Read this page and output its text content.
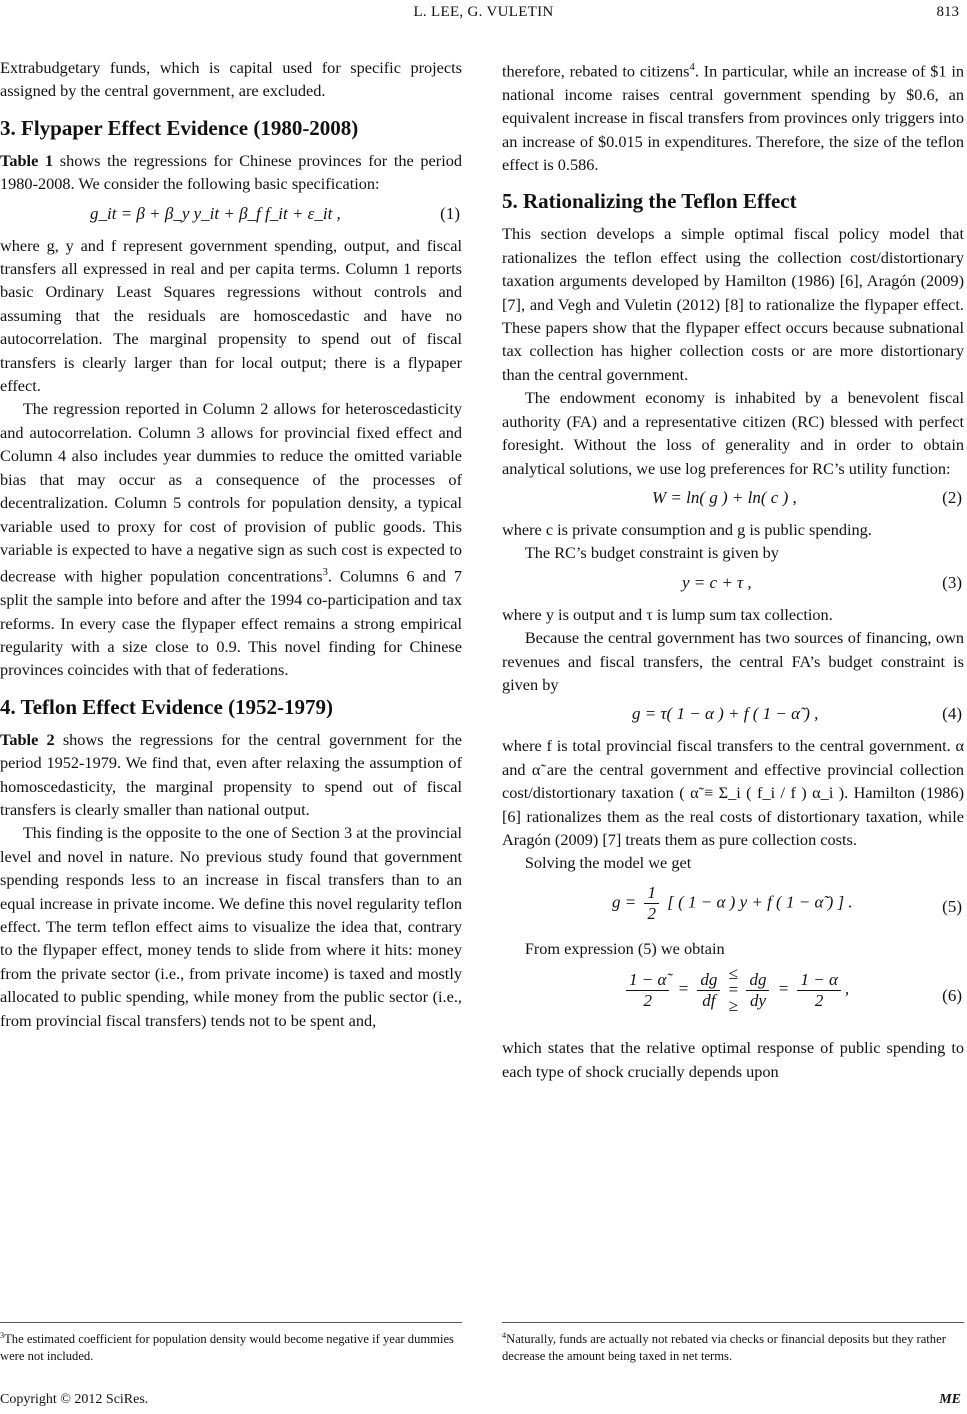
L. LEE, G. VULETIN	813

Extrabudgetary funds, which is capital used for specific projects assigned by the central government, are excluded.

3. Flypaper Effect Evidence (1980-2008)

Table 1 shows the regressions for Chinese provinces for the period 1980-2008. We consider the following basic specification:

g_it = β + β_y y_it + β_f f_it + ε_it ,	(1)

where g, y and f represent government spending, output, and fiscal transfers all expressed in real and per capita terms. Column 1 reports basic Ordinary Least Squares regressions without controls and assuming that the residuals are homoscedastic and have no autocorrelation. The marginal propensity to spend out of fiscal transfers is clearly larger than for local output; there is a flypaper effect.

The regression reported in Column 2 allows for heteroscedasticity and autocorrelation. Column 3 allows for provincial fixed effect and Column 4 also includes year dummies to reduce the omitted variable bias that may occur as a consequence of the processes of decentralization. Column 5 controls for population density, a typical variable used to proxy for cost of provision of public goods. This variable is expected to have a negative sign as such cost is expected to decrease with higher population concentrations$^3$. Columns 6 and 7 split the sample into before and after the 1994 co-participation and tax reforms. In every case the flypaper effect remains a strong empirical regularity with a size close to 0.9. This novel finding for Chinese provinces coincides with that of federations.

4. Teflon Effect Evidence (1952-1979)

Table 2 shows the regressions for the central government for the period 1952-1979. We find that, even after relaxing the assumption of homoscedasticity, the marginal propensity to spend out of fiscal transfers is clearly smaller than national output.

This finding is the opposite to the one of Section 3 at the provincial level and novel in nature. No previous study found that government spending responds less to an increase in fiscal transfers than to an equal increase in private income. We define this novel regularity teflon effect. The term teflon effect aims to visualize the idea that, contrary to the flypaper effect, money tends to slide from where it hits: money from the private sector (i.e., from private income) is taxed and mostly allocated to public spending, while money from the public sector (i.e., from provincial fiscal transfers) tends not to be spent and,

therefore, rebated to citizens$^4$. In particular, while an increase of $1 in national income raises central government spending by $0.6, an equivalent increase in fiscal transfers from provinces only triggers into an increase of $0.015 in expenditures. Therefore, the size of the teflon effect is 0.586.

5. Rationalizing the Teflon Effect

This section develops a simple optimal fiscal policy model that rationalizes the teflon effect using the collection cost/distortionary taxation arguments developed by Hamilton (1986) [6], Aragón (2009) [7], and Vegh and Vuletin (2012) [8] to rationalize the flypaper effect. These papers show that the flypaper effect occurs because subnational tax collection has higher collection costs or are more distortionary than the central government.

The endowment economy is inhabited by a benevolent fiscal authority (FA) and a representative citizen (RC) blessed with perfect foresight. Without the loss of generality and in order to obtain analytical solutions, we use log preferences for RC’s utility function:

W = ln( g ) + ln( c ) ,	(2)

where c is private consumption and g is public spending.

The RC’s budget constraint is given by

y = c + τ ,	(3)

where y is output and τ is lump sum tax collection.

Because the central government has two sources of financing, own revenues and fiscal transfers, the central FA’s budget constraint is given by

g = τ( 1 − α ) + f ( 1 − α̃ ) ,	(4)

where f is total provincial fiscal transfers to the central government. α and α̃ are the central government and effective provincial collection cost/distortionary taxation ( α̃ ≡ Σ_i ( f_i / f ) α_i ). Hamilton (1986) [6] rationalizes them as the real costs of distortionary taxation, while Aragón (2009) [7] treats them as pure collection costs.

Solving the model we get

$g = \frac{1}{2}$ [ ( 1 − α ) y + f ( 1 − α̃ ) ] .	(5)

From expression (5) we obtain

$\frac{1 - \alphã}{2} = \frac{dg}{df}$
≤
=
≥
$\frac{dg}{dy} = \frac{1 - \alpha}{2}$ ,	(6)

which states that the relative optimal response of public spending to each type of shock crucially depends upon

$^3$The estimated coefficient for population density would become negative if year dummies were not included.
$^4$Naturally, funds are actually not rebated via checks or financial deposits but they rather decrease the amount being taxed in net terms.
Copyright © 2012 SciRes.	ME
